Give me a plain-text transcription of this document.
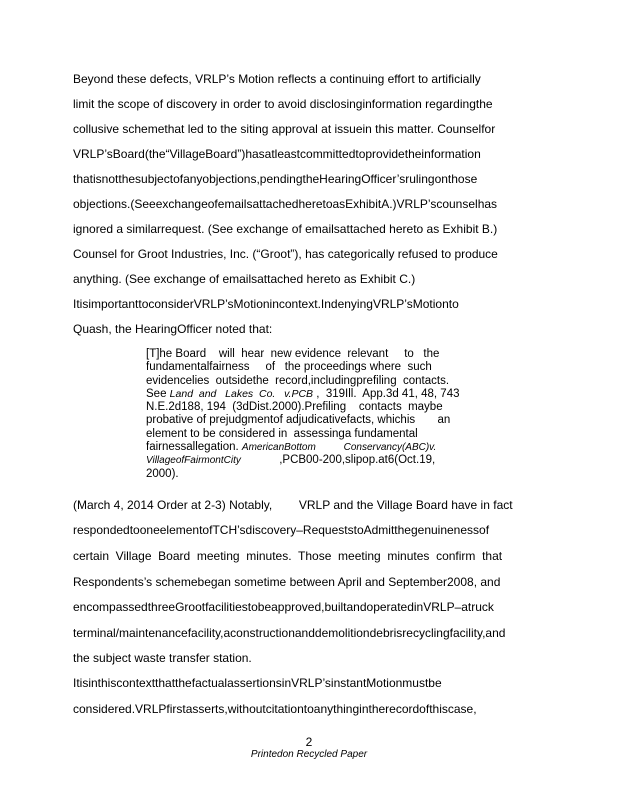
Beyond these defects, VRLP’s Motion reflects a continuing effort to artificially
limit the scope of discovery in order to avoid disclosinginformation regardingthe
collusive schemethat led to the siting approval at issuein this matter. Counselfor
VRLP’sBoard(the“VillageBoard”)hasatleastcommittedtoprovidetheinformation
thatisnotthesubjectofanyobjections,pendingtheHearingOfficer’srulingonthose
objections.(SeeexchangeofemailsattachedheretoasExhibitA.)VRLP’scounselhas
ignored a similarrequest. (See exchange of emailsattached hereto as Exhibit B.)
Counsel for Groot Industries, Inc. (“Groot”), has categorically refused to produce
anything. (See exchange of emailsattached hereto as Exhibit C.)
ItisimportanttoconsiderVRLP’sMotionincontext.IndenyingVRLP’sMotionto
Quash, the HearingOfficer noted that:
[T]he Board    will  hear  new evidence  relevant     to   the
fundamentalfairness     of   the proceedings where  such
evidencelies  outsidethe  record,includingprefiling  contacts.
See Land  and   Lakes  Co.   v.PCB ,  319Ill.  App.3d 41, 48, 743
N.E.2d188, 194  (3dDist.2000).Prefiling    contacts  maybe
probative of prejudgmentof adjudicativefacts, whichis       an
element to be considered in  assessinga fundamental
fairnessallegation. AmericanBottom          Conservancy(ABC)v.
VillageofFairmontCity            ,PCB00-200,slipop.at6(Oct.19,
2000).
(March 4, 2014 Order at 2-3) Notably,        VRLP and the Village Board have in fact
respondedtooneelementofTCH’sdiscovery–RequeststoAdmitthegenuinenessof
certain  Village  Board  meeting  minutes.  Those  meeting  minutes  confirm  that
Respondents’s schemebegan sometime between April and September2008, and
encompassedthreeGrootfacilitiestobeapproved,builtandoperatedinVRLP–atruck
terminal/maintenancefacility,aconstructionanddemolitiondebrisrecyclingfacility,and
the subject waste transfer station.
ItisinthiscontextthatthefactualassertionsinVRLP’sinstantMotionmustbe
considered.VRLPfirstasserts,withoutcitationtoanythingintherecordofthiscase,
2
Printedon Recycled Paper
